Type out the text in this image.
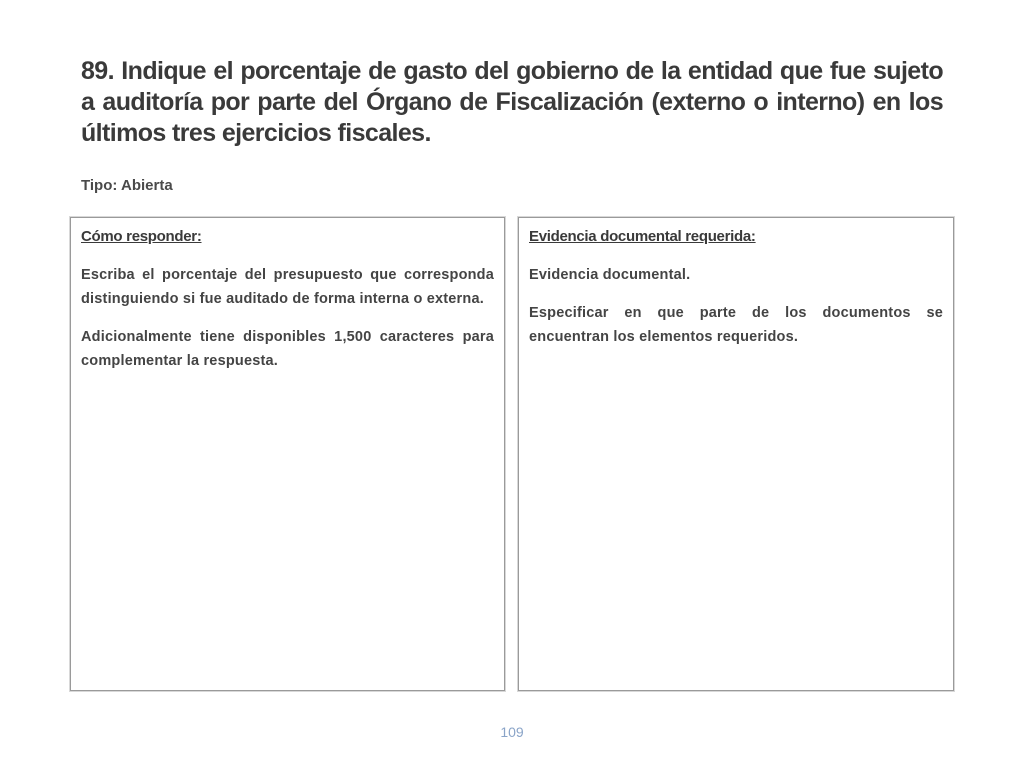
89. Indique el porcentaje de gasto del gobierno de la entidad que fue sujeto a auditoría por parte del Órgano de Fiscalización (externo o interno) en los últimos tres ejercicios fiscales.
Tipo: Abierta
Cómo responder:

Escriba el porcentaje del presupuesto que corresponda distinguiendo si fue auditado de forma interna o externa.

Adicionalmente tiene disponibles 1,500 caracteres para complementar la respuesta.

Evidencia documental requerida:

Evidencia documental.

Especificar en que parte de los documentos se encuentran los elementos requeridos.

109
